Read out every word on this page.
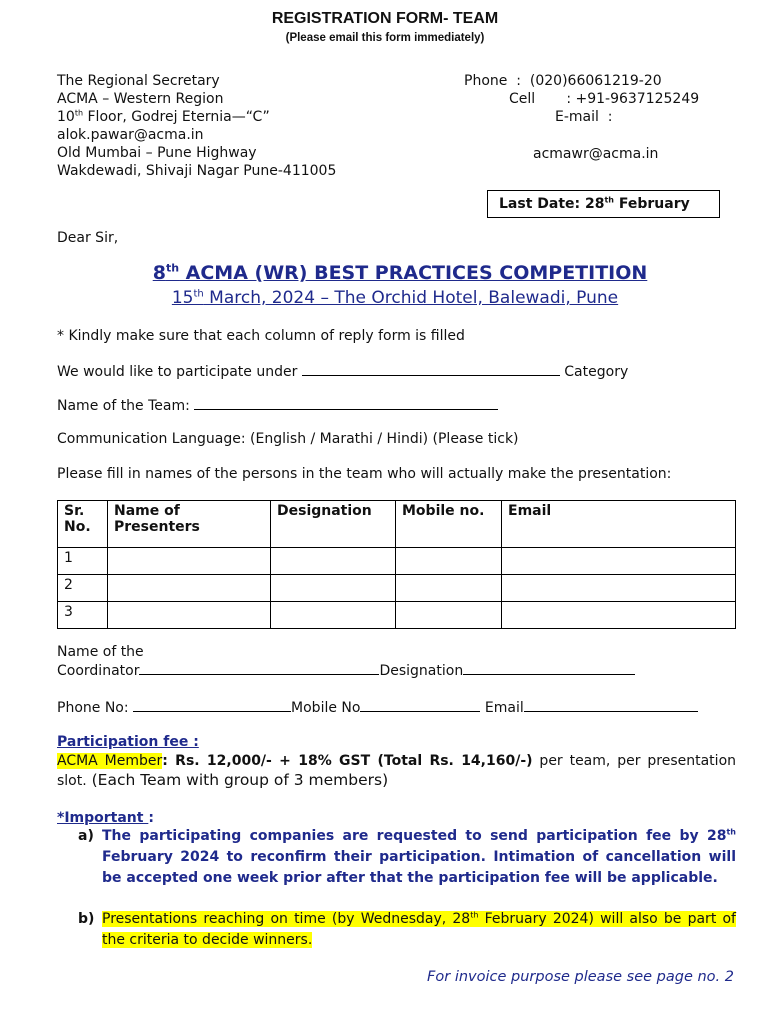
REGISTRATION FORM- TEAM
(Please email this form immediately)
The Regional Secretary
ACMA – Western Region
10th Floor, Godrej Eternia—“C”
alok.pawar@acma.in
Old Mumbai – Pune Highway
Wakdewadi, Shivaji Nagar Pune-411005
Phone  :  (020)66061219-20
Cell       : +91-9637125249
E-mail  :
acmawr@acma.in
Last Date: 28th February
Dear Sir,
8th ACMA (WR) BEST PRACTICES COMPETITION
15th March, 2024 – The Orchid Hotel, Balewadi, Pune
* Kindly make sure that each column of reply form is filled
We would like to participate under	Category
Name of the Team:
Communication Language: (English / Marathi / Hindi) (Please tick)
Please fill in names of the persons in the team who will actually make the presentation:
Sr. No.	Name of Presenters	Designation	Mobile no.	Email
1				
2				
3				
Name of the
Coordinator	Designation
Phone No:	Mobile No	Email
Participation fee :
ACMA Member: Rs. 12,000/- + 18% GST (Total Rs. 14,160/-) per team, per presentation slot. (Each Team with group of 3 members)
*Important :
a) The participating companies are requested to send participation fee by 28th February 2024 to reconfirm their participation. Intimation of cancellation will be accepted one week prior after that the participation fee will be applicable.
b) Presentations reaching on time (by Wednesday, 28th February 2024) will also be part of the criteria to decide winners.
For invoice purpose please see page no. 2
